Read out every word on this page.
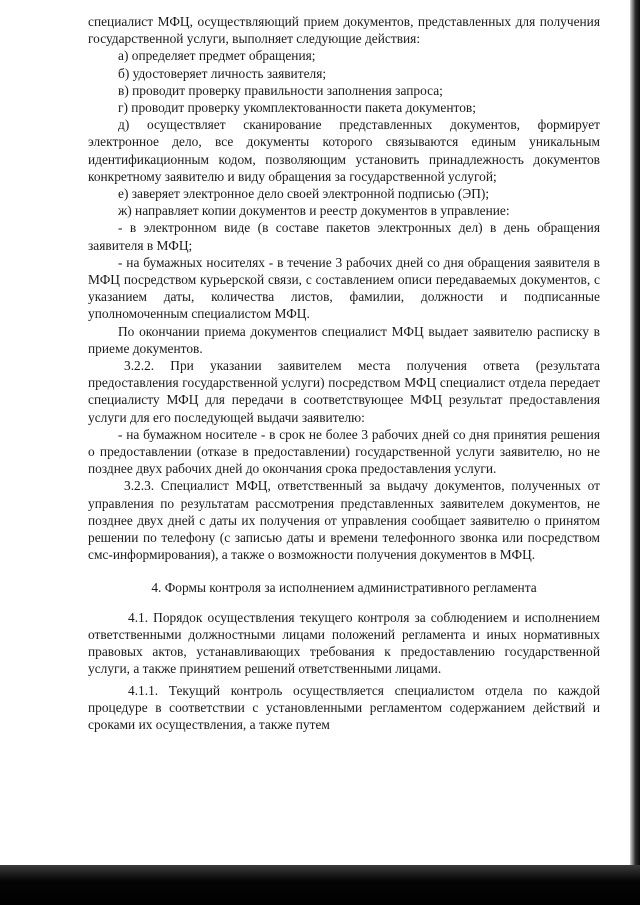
специалист МФЦ, осуществляющий прием документов, представленных для получения государственной услуги, выполняет следующие действия:

а) определяет предмет обращения;

б) удостоверяет личность заявителя;

в) проводит проверку правильности заполнения запроса;

г) проводит проверку укомплектованности пакета документов;

д) осуществляет сканирование представленных документов, формирует электронное дело, все документы которого связываются единым уникальным идентификационным кодом, позволяющим установить принадлежность документов конкретному заявителю и виду обращения за государственной услугой;

е) заверяет электронное дело своей электронной подписью (ЭП);

ж) направляет копии документов и реестр документов в управление:

- в электронном виде (в составе пакетов электронных дел) в день обращения заявителя в МФЦ;

- на бумажных носителях - в течение 3 рабочих дней со дня обращения заявителя в МФЦ посредством курьерской связи, с составлением описи передаваемых документов, с указанием даты, количества листов, фамилии, должности и подписанные уполномоченным специалистом МФЦ.

По окончании приема документов специалист МФЦ выдает заявителю расписку в приеме документов.

3.2.2. При указании заявителем места получения ответа (результата предоставления государственной услуги) посредством МФЦ специалист отдела передает специалисту МФЦ для передачи в соответствующее МФЦ результат предоставления услуги для его последующей выдачи заявителю:

- на бумажном носителе - в срок не более 3 рабочих дней со дня принятия решения о предоставлении (отказе в предоставлении) государственной услуги заявителю, но не позднее двух рабочих дней до окончания срока предоставления услуги.

3.2.3. Специалист МФЦ, ответственный за выдачу документов, полученных от управления по результатам рассмотрения представленных заявителем документов, не позднее двух дней с даты их получения от управления сообщает заявителю о принятом решении по телефону (с записью даты и времени телефонного звонка или посредством смс-информирования), а также о возможности получения документов в МФЦ.

4. Формы контроля за исполнением административного регламента

4.1. Порядок осуществления текущего контроля за соблюдением и исполнением ответственными должностными лицами положений регламента и иных нормативных правовых актов, устанавливающих требования к предоставлению государственной услуги, а также принятием решений ответственными лицами.

4.1.1. Текущий контроль осуществляется специалистом отдела по каждой процедуре в соответствии с установленными регламентом содержанием действий и сроками их осуществления, а также путем
